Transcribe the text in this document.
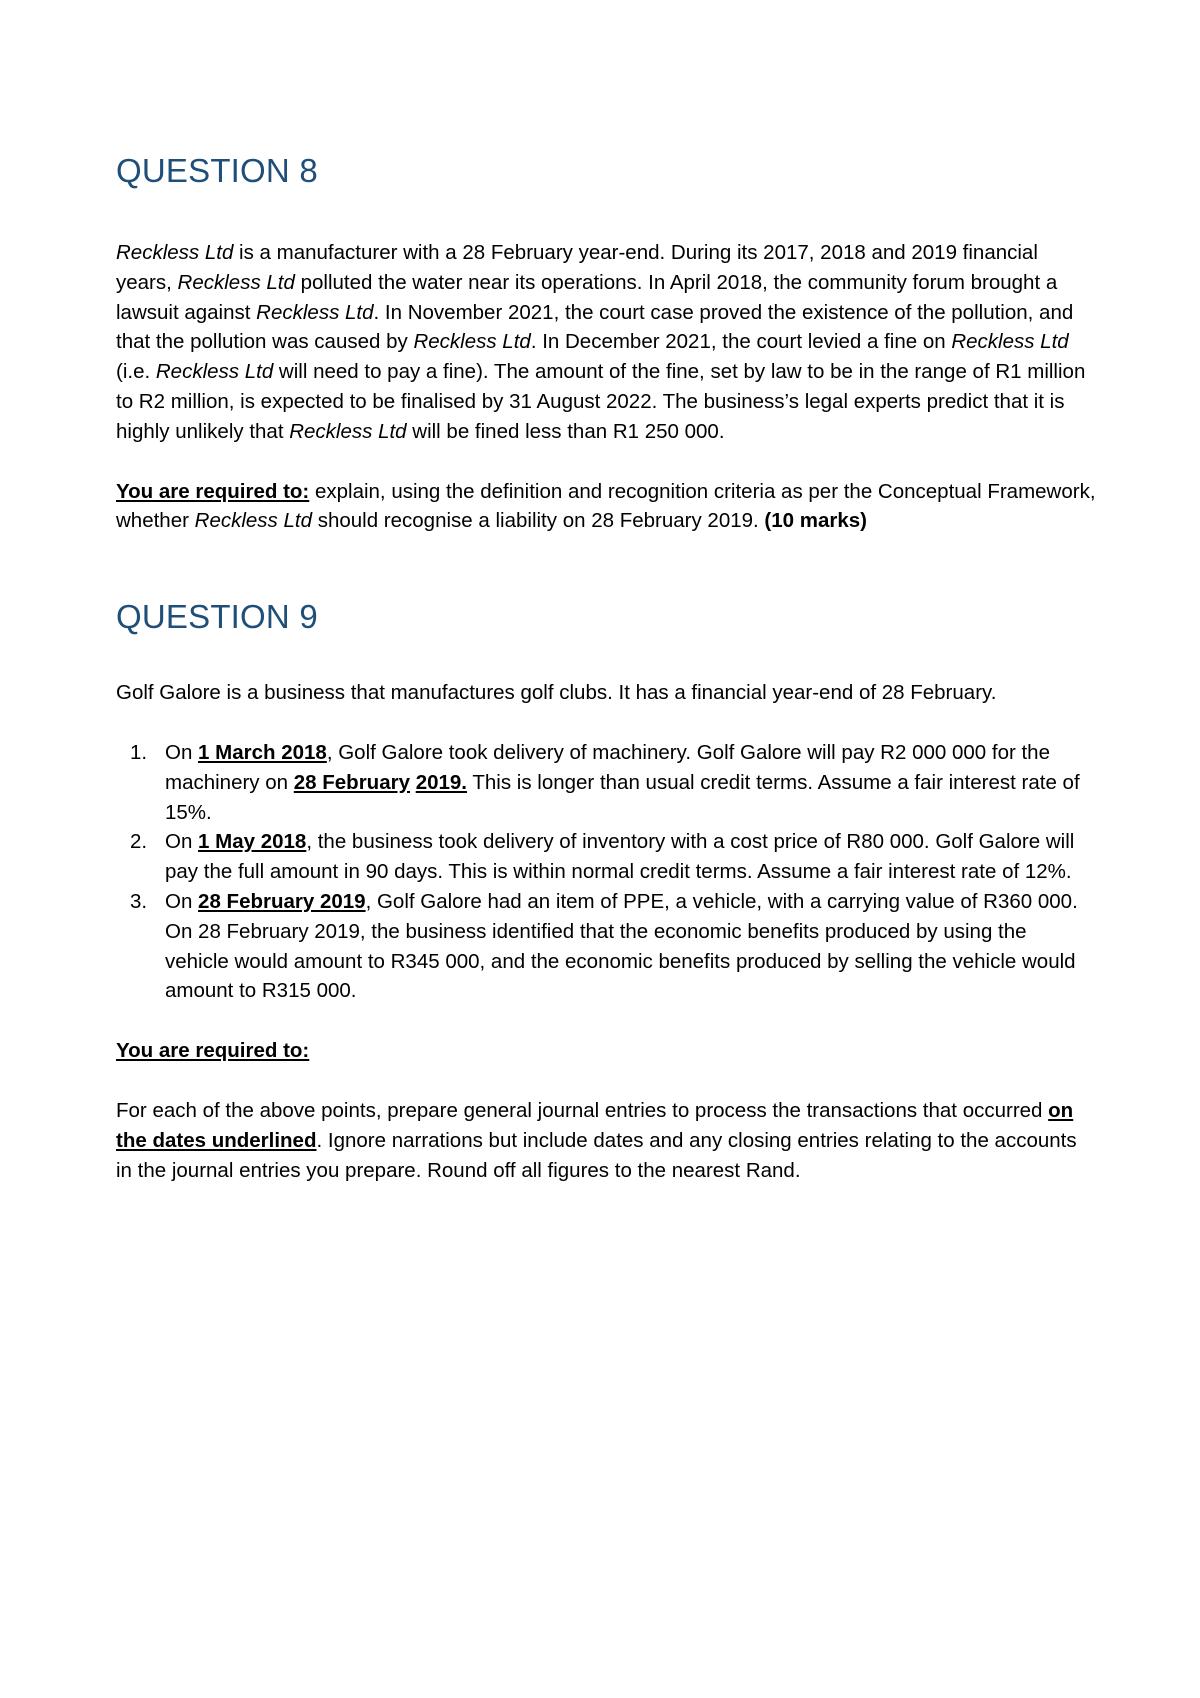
QUESTION 8

Reckless Ltd is a manufacturer with a 28 February year-end. During its 2017, 2018 and 2019 financial years, Reckless Ltd polluted the water near its operations. In April 2018, the community forum brought a lawsuit against Reckless Ltd. In November 2021, the court case proved the existence of the pollution, and that the pollution was caused by Reckless Ltd. In December 2021, the court levied a fine on Reckless Ltd (i.e. Reckless Ltd will need to pay a fine). The amount of the fine, set by law to be in the range of R1 million to R2 million, is expected to be finalised by 31 August 2022. The business’s legal experts predict that it is highly unlikely that Reckless Ltd will be fined less than R1 250 000.

You are required to: explain, using the definition and recognition criteria as per the Conceptual Framework, whether Reckless Ltd should recognise a liability on 28 February 2019. (10 marks)

QUESTION 9

Golf Galore is a business that manufactures golf clubs. It has a financial year-end of 28 February.

1. On 1 March 2018, Golf Galore took delivery of machinery. Golf Galore will pay R2 000 000 for the machinery on 28 February 2019. This is longer than usual credit terms. Assume a fair interest rate of 15%.
2. On 1 May 2018, the business took delivery of inventory with a cost price of R80 000. Golf Galore will pay the full amount in 90 days. This is within normal credit terms. Assume a fair interest rate of 12%.
3. On 28 February 2019, Golf Galore had an item of PPE, a vehicle, with a carrying value of R360 000. On 28 February 2019, the business identified that the economic benefits produced by using the vehicle would amount to R345 000, and the economic benefits produced by selling the vehicle would amount to R315 000.

You are required to:

For each of the above points, prepare general journal entries to process the transactions that occurred on the dates underlined. Ignore narrations but include dates and any closing entries relating to the accounts in the journal entries you prepare. Round off all figures to the nearest Rand.
